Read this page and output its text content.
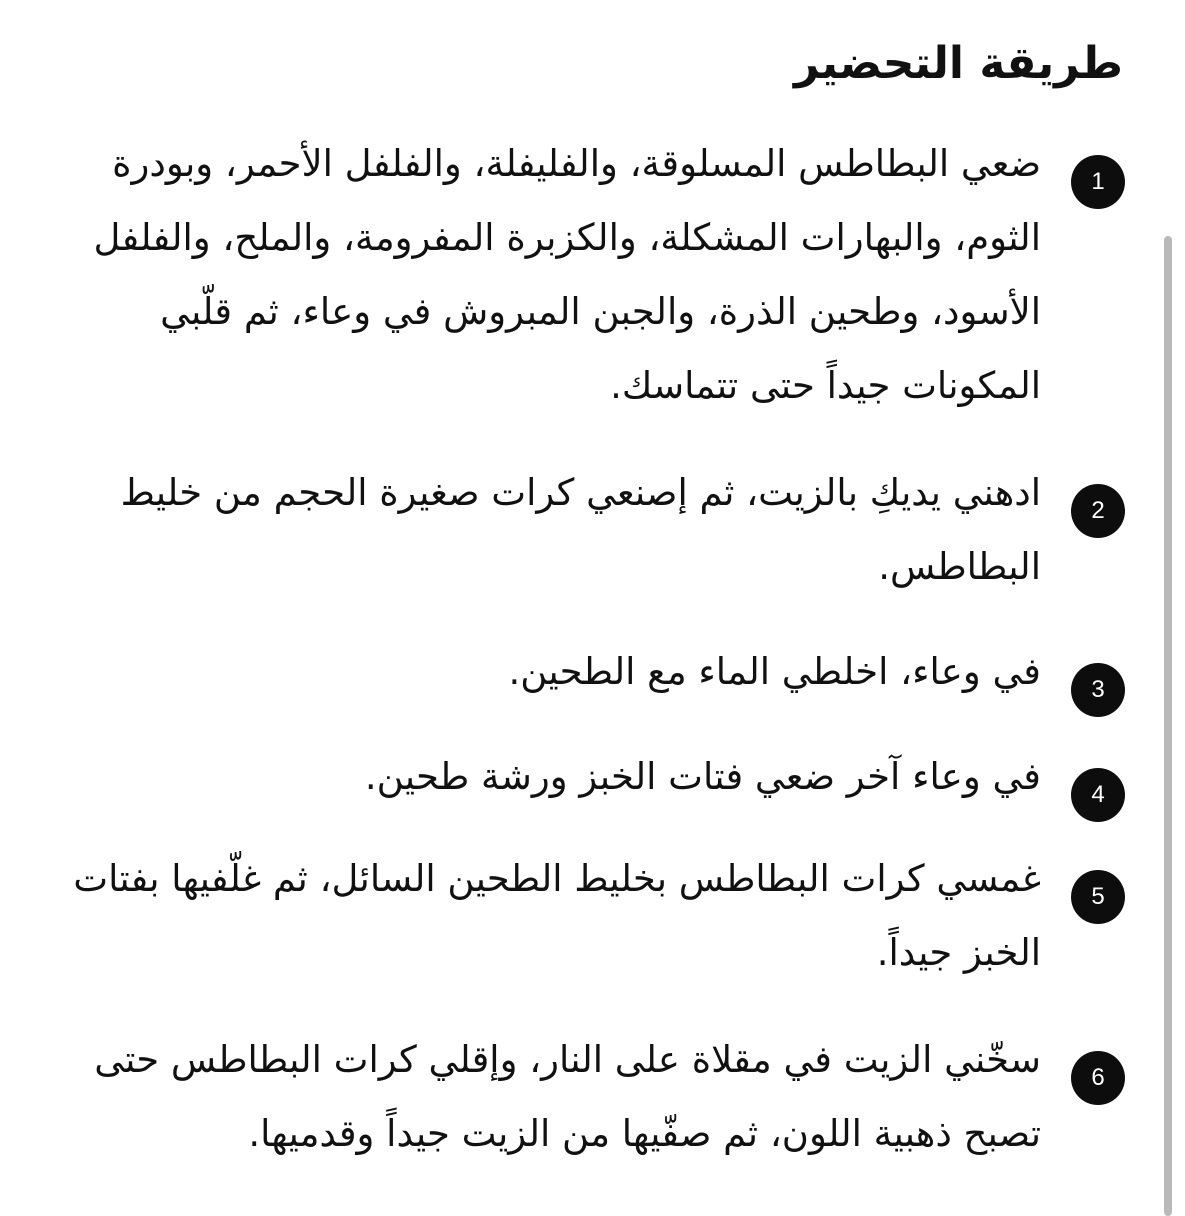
طريقة التحضير
1

ضعي البطاطس المسلوقة، والفليفلة، والفلفل الأحمر، وبودرة الثوم، والبهارات المشكلة، والكزبرة المفرومة، والملح، والفلفل الأسود، وطحين الذرة، والجبن المبروش في وعاء، ثم قلّبي المكونات جيداً حتى تتماسك.

2

ادهني يديكِ بالزيت، ثم إصنعي كرات صغيرة الحجم من خليط البطاطس.

3

في وعاء، اخلطي الماء مع الطحين.

4

في وعاء آخر ضعي فتات الخبز ورشة طحين.

5

غمسي كرات البطاطس بخليط الطحين السائل، ثم غلّفيها بفتات الخبز جيداً.

6

سخّني الزيت في مقلاة على النار، وإقلي كرات البطاطس حتى تصبح ذهبية اللون، ثم صفّيها من الزيت جيداً وقدميها.
